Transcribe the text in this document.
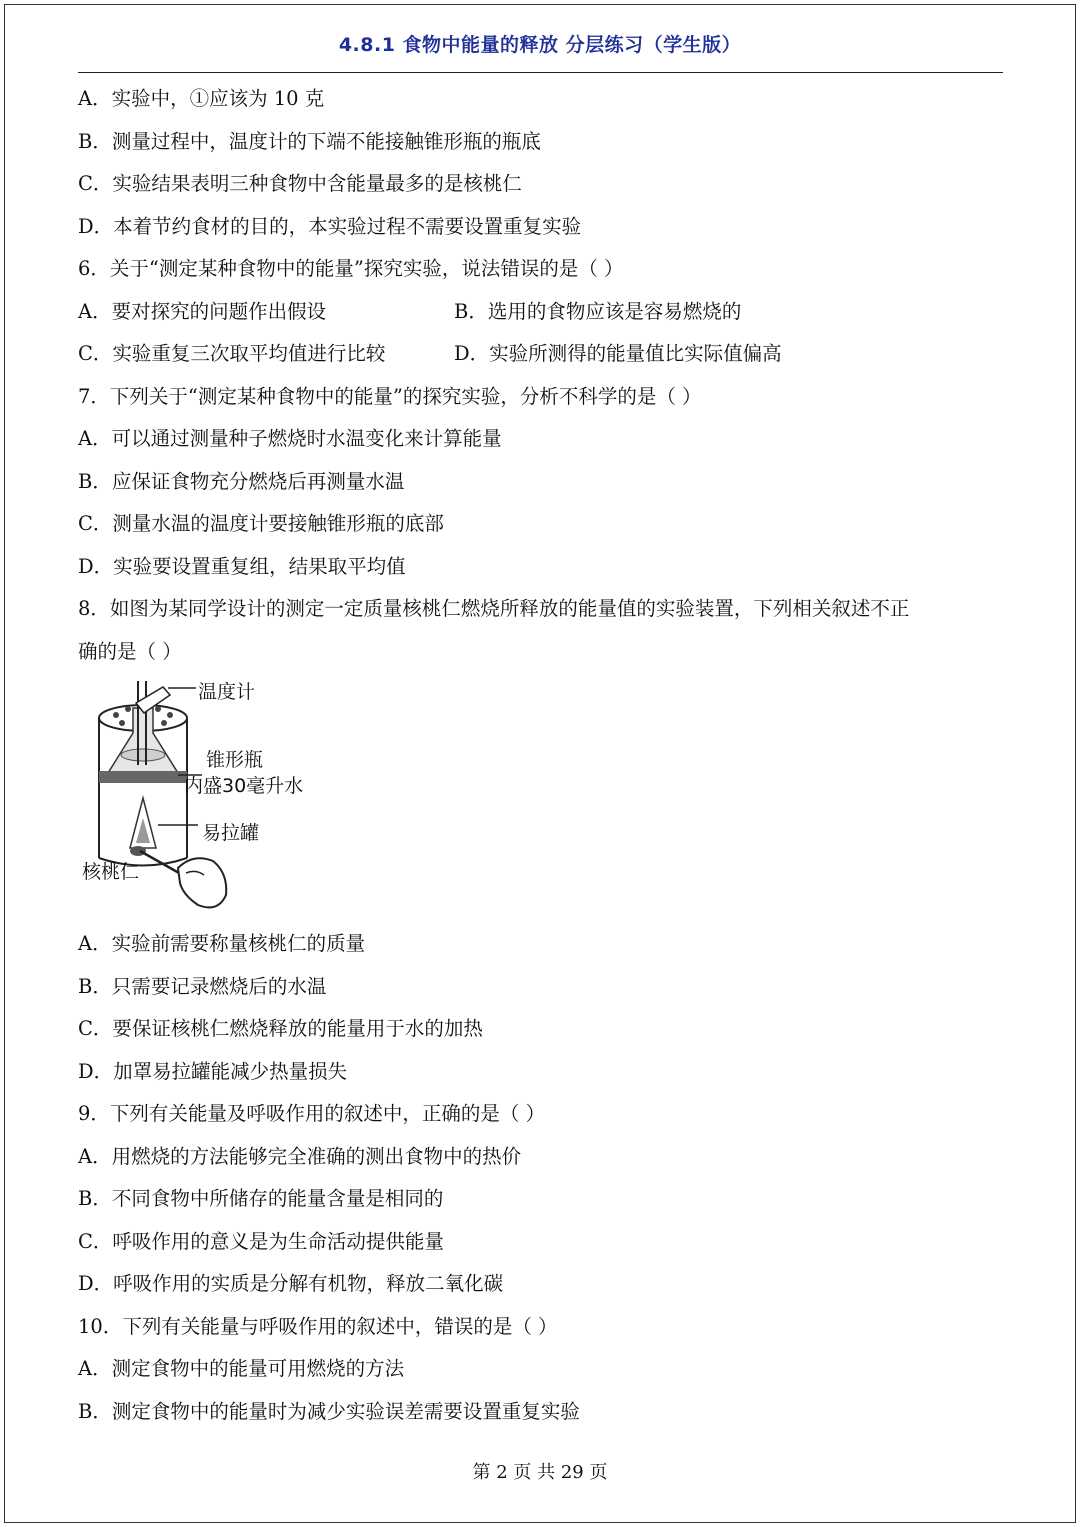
4.8.1 食物中能量的释放 分层练习（学生版）
A．实验中，①应该为 10 克
B．测量过程中，温度计的下端不能接触锥形瓶的瓶底
C．实验结果表明三种食物中含能量最多的是核桃仁
D．本着节约食材的目的，本实验过程不需要设置重复实验
6．关于“测定某种食物中的能量”探究实验，说法错误的是（ ）
A．要对探究的问题作出假设	B．选用的食物应该是容易燃烧的
C．实验重复三次取平均值进行比较	D．实验所测得的能量值比实际值偏高
7．下列关于“测定某种食物中的能量”的探究实验，分析不科学的是（ ）
A．可以通过测量种子燃烧时水温变化来计算能量
B．应保证食物充分燃烧后再测量水温
C．测量水温的温度计要接触锥形瓶的底部
D．实验要设置重复组，结果取平均值
8．如图为某同学设计的测定一定质量核桃仁燃烧所释放的能量值的实验装置，下列相关叙述不正
确的是（ ）
温度计
锥形瓶
内盛30毫升水
易拉罐
核桃仁
A．实验前需要称量核桃仁的质量
B．只需要记录燃烧后的水温
C．要保证核桃仁燃烧释放的能量用于水的加热
D．加罩易拉罐能减少热量损失
9．下列有关能量及呼吸作用的叙述中，正确的是（ ）
A．用燃烧的方法能够完全准确的测出食物中的热价
B．不同食物中所储存的能量含量是相同的
C．呼吸作用的意义是为生命活动提供能量
D．呼吸作用的实质是分解有机物，释放二氧化碳
10．下列有关能量与呼吸作用的叙述中，错误的是（ ）
A．测定食物中的能量可用燃烧的方法
B．测定食物中的能量时为减少实验误差需要设置重复实验
第 2 页 共 29 页
